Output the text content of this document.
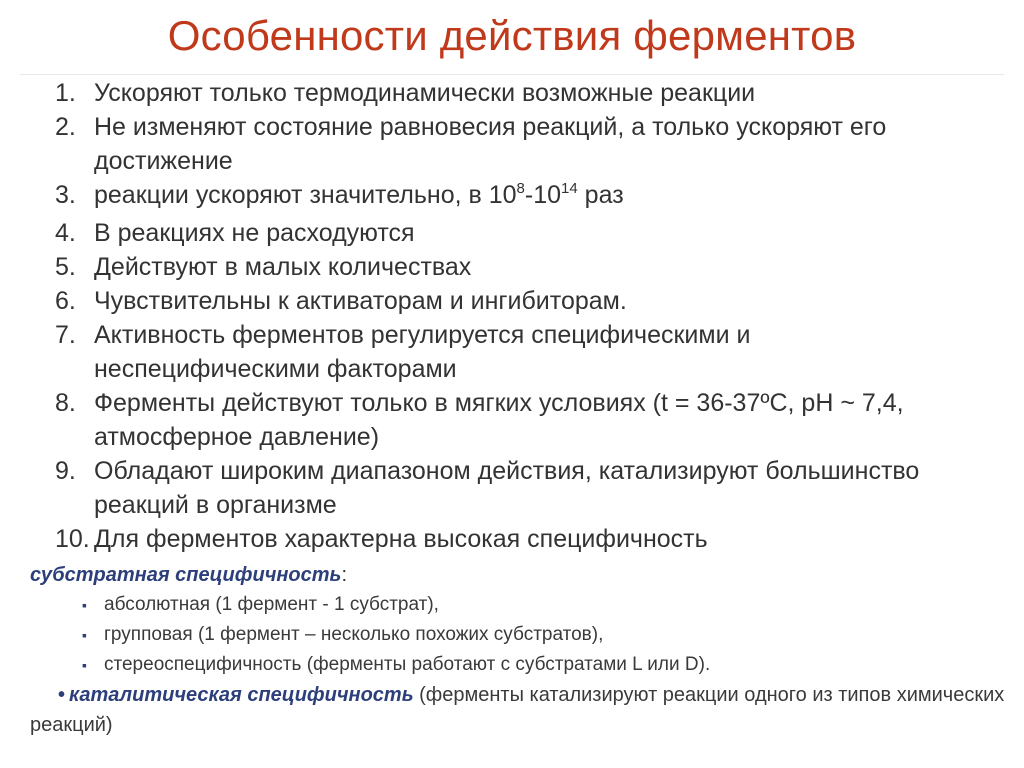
Особенности действия ферментов
1. Ускоряют только термодинамически возможные реакции
2. Не изменяют состояние равновесия реакций, а только ускоряют его достижение
3. реакции ускоряют значительно, в $10^8-10^{14}$ раз
4. В реакциях не расходуются
5. Действуют в малых количествах
6. Чувствительны к активаторам и ингибиторам.
7. Активность ферментов регулируется специфическими и неспецифическими факторами
8. Ферменты действуют только в мягких условиях (t = 36-37ºC, pH ~ 7,4, атмосферное давление)
9. Обладают широким диапазоном действия, катализируют большинство реакций в организме
10. Для ферментов характерна высокая специфичность
субстратная специфичность:
▪ абсолютная (1 фермент - 1 субстрат),
▪ групповая (1 фермент – несколько похожих субстратов),
▪ стереоспецифичность (ферменты работают с субстратами L или D).
• каталитическая специфичность (ферменты катализируют реакции одного из типов химических реакций)
